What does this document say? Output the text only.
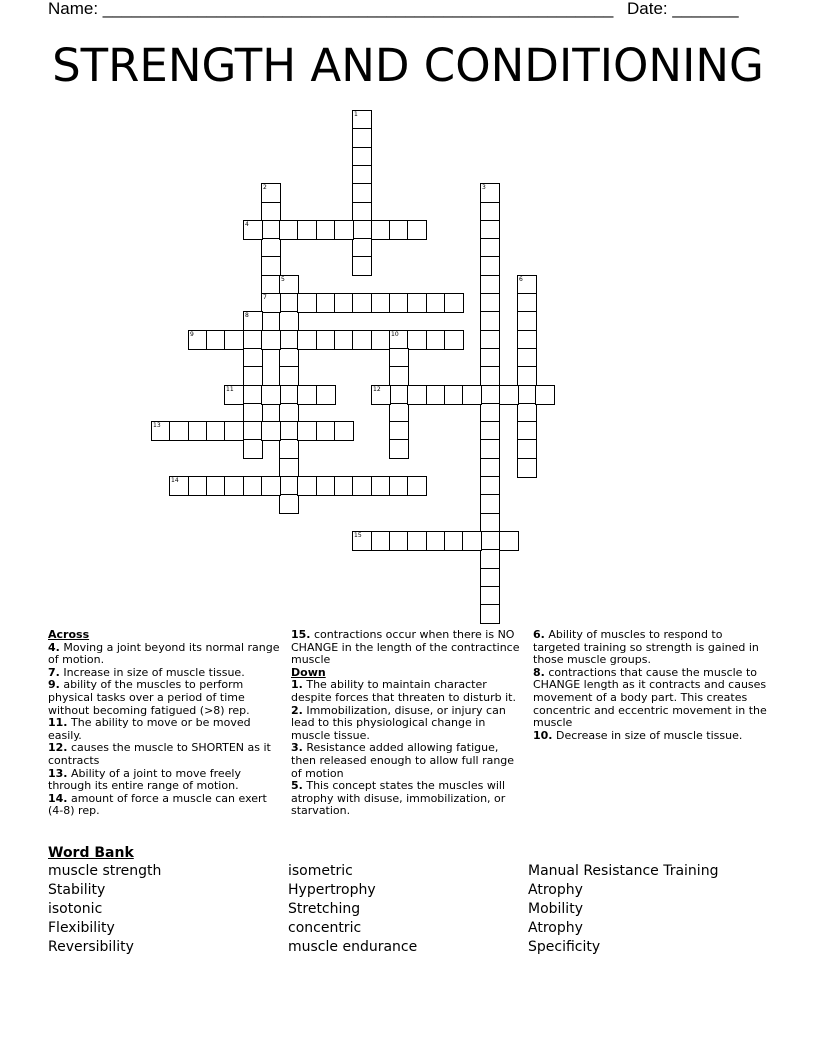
Name: ______________________________________________________ Date: _______
STRENGTH AND CONDITIONING
1
2	3
4
5	6
7
8
9	10
11	12
13
14
15
Across
4. Moving a joint beyond its normal range of motion.
7. Increase in size of muscle tissue.
9. ability of the muscles to perform physical tasks over a period of time without becoming fatigued (>8) rep.
11. The ability to move or be moved easily.
12. causes the muscle to SHORTEN as it contracts
13. Ability of a joint to move freely through its entire range of motion.
14. amount of force a muscle can exert (4-8) rep.
15. contractions occur when there is NO CHANGE in the length of the contractince muscle
Down
1. The ability to maintain character despite forces that threaten to disturb it.
2. Immobilization, disuse, or injury can lead to this physiological change in muscle tissue.
3. Resistance added allowing fatigue, then released enough to allow full range of motion
5. This concept states the muscles will atrophy with disuse, immobilization, or starvation.
6. Ability of muscles to respond to targeted training so strength is gained in those muscle groups.
8. contractions that cause the muscle to CHANGE length as it contracts and causes movement of a body part. This creates concentric and eccentric movement in the muscle
10. Decrease in size of muscle tissue.
Word Bank
muscle strength
Stability
isotonic
Flexibility
Reversibility
isometric
Hypertrophy
Stretching
concentric
muscle endurance
Manual Resistance Training
Atrophy
Mobility
Atrophy
Specificity
